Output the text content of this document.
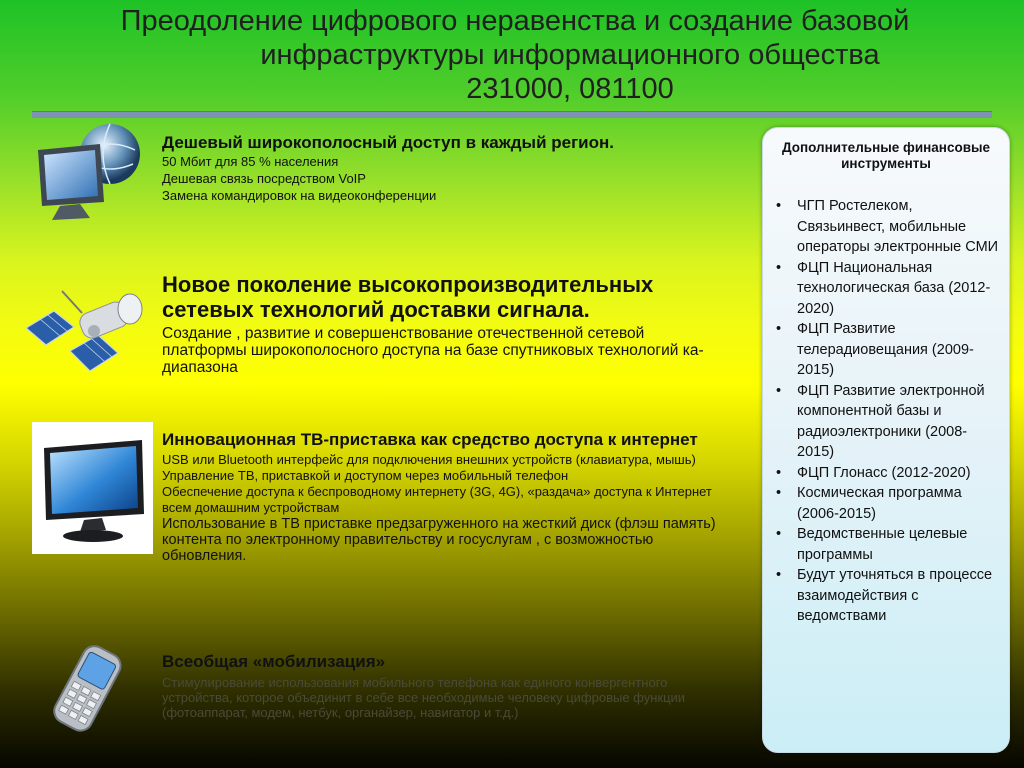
Преодоление цифрового неравенства и создание базовой
инфраструктуры информационного общества
231000, 081100
Дешевый широкополосный доступ в каждый регион.

50 Мбит для 85 % населения

Дешевая связь посредством VoIP

Замена командировок на видеоконференции

Новое поколение высокопроизводительных сетевых технологий доставки сигнала.

Создание , развитие и совершенствование отечественной сетевой платформы широкополосного доступа на базе спутниковых технологий ка-диапазона

Инновационная ТВ-приставка как средство доступа к интернет

USB или Bluetooth интерфейс для подключения внешних устройств (клавиатура, мышь)

Управление ТВ, приставкой и доступом через мобильный телефон

Обеспечение доступа к беспроводному интернету (3G, 4G), «раздача» доступа к Интернет всем домашним устройствам

Использование в ТВ приставке предзагруженного на жесткий диск (флэш память) контента по электронному правительству и госуслугам , с возможностью обновления.

Всеобщая «мобилизация»

Стимулирование использования мобильного телефона как единого конвергентного устройства, которое объединит в себе все необходимые человеку цифровые функции (фотоаппарат, модем, нетбук, органайзер, навигатор и т.д.)

Дополнительные финансовые инструменты
• ЧГП Ростелеком, Связьинвест, мобильные операторы электронные СМИ
• ФЦП Национальная технологическая база (2012-2020)
• ФЦП Развитие телерадиовещания (2009-2015)
• ФЦП Развитие электронной компонентной базы и радиоэлектроники (2008-2015)
• ФЦП Глонасс (2012-2020)
• Космическая программа (2006-2015)
• Ведомственные целевые программы
• Будут уточняться в процессе взаимодействия с ведомствами
